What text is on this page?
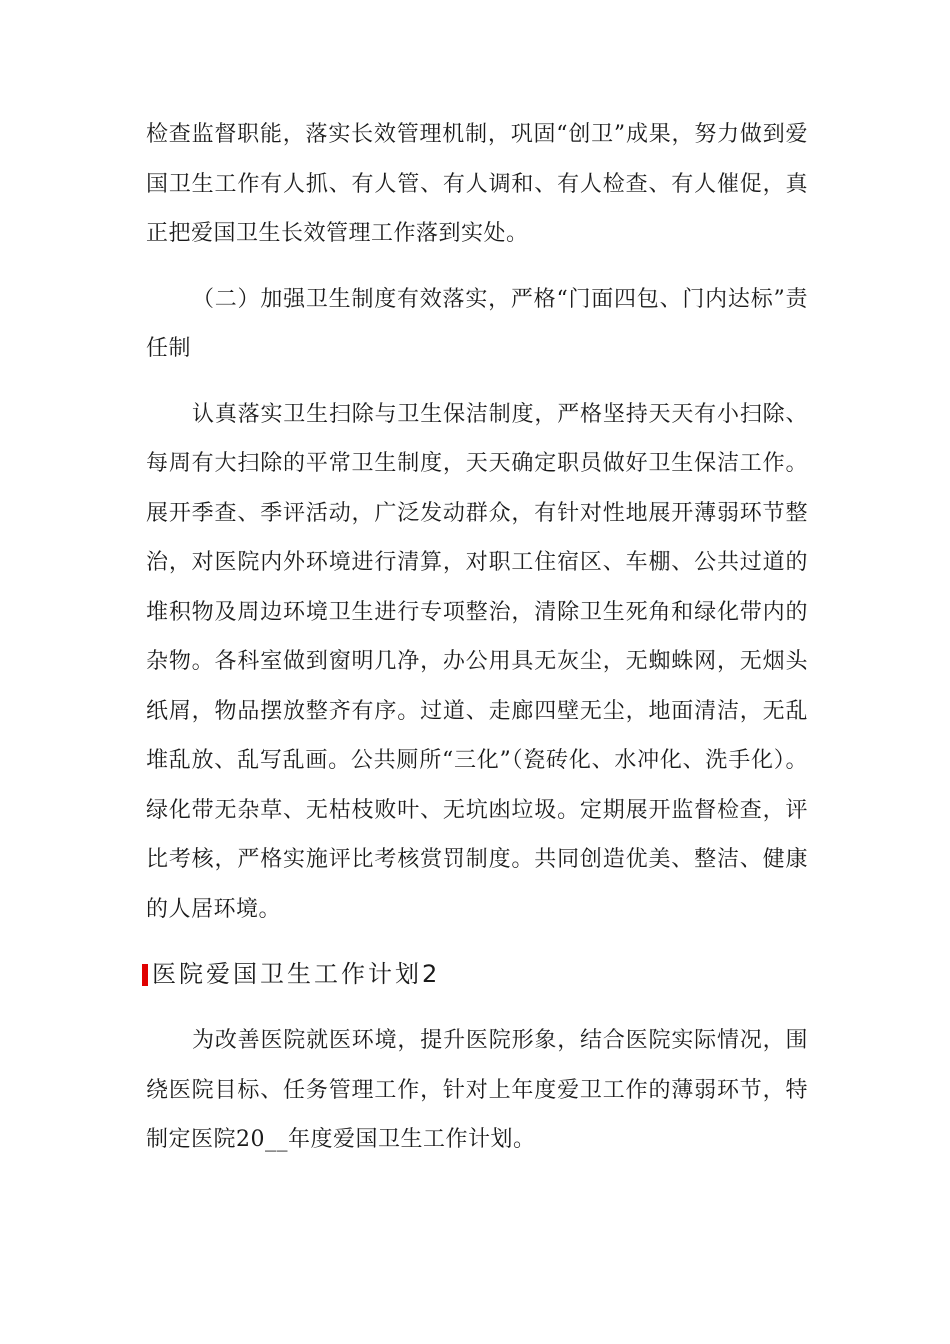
检查监督职能，落实长效管理机制，巩固“创卫”成果，努力做到爱国卫生工作有人抓、有人管、有人调和、有人检查、有人催促，真正把爱国卫生长效管理工作落到实处。

（二）加强卫生制度有效落实，严格“门面四包、门内达标”责任制

认真落实卫生扫除与卫生保洁制度，严格坚持天天有小扫除、每周有大扫除的平常卫生制度，天天确定职员做好卫生保洁工作。展开季查、季评活动，广泛发动群众，有针对性地展开薄弱环节整治，对医院内外环境进行清算，对职工住宿区、车棚、公共过道的堆积物及周边环境卫生进行专项整治，清除卫生死角和绿化带内的杂物。各科室做到窗明几净，办公用具无灰尘，无蜘蛛网，无烟头纸屑，物品摆放整齐有序。过道、走廊四壁无尘，地面清洁，无乱堆乱放、乱写乱画。公共厕所“三化”（瓷砖化、水冲化、洗手化）。绿化带无杂草、无枯枝败叶、无坑凼垃圾。定期展开监督检查，评比考核，严格实施评比考核赏罚制度。共同创造优美、整洁、健康的人居环境。

医院爱国卫生工作计划2

为改善医院就医环境，提升医院形象，结合医院实际情况，围绕医院目标、任务管理工作，针对上年度爱卫工作的薄弱环节，特制定医院20__年度爱国卫生工作计划。
